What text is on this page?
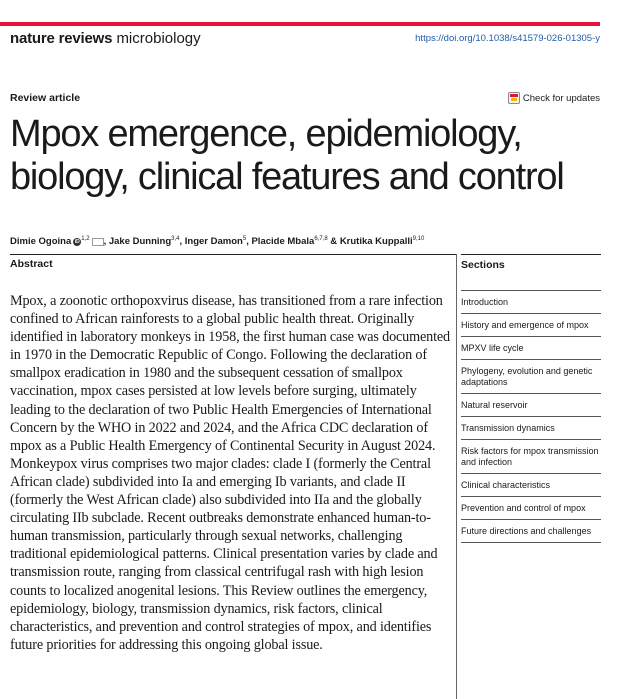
nature reviews microbiology	https://doi.org/10.1038/s41579-026-01305-y
Review article	Check for updates
Mpox emergence, epidemiology,
biology, clinical features and control
Dimie Ogoina iD $^{1,2}$ , Jake Dunning$^{3,4}$, Inger Damon$^5$, Placide Mbala$^{6,7,8}$ & Krutika Kuppalli$^{9,10}$
Abstract

Mpox, a zoonotic orthopoxvirus disease, has transitioned from a rare infection confined to African rainforests to a global public health threat. Originally identified in laboratory monkeys in 1958, the first human case was documented in 1970 in the Democratic Republic of Congo. Following the declaration of smallpox eradication in 1980 and the subsequent cessation of smallpox vaccination, mpox cases persisted at low levels before surging, ultimately leading to the declaration of two Public Health Emergencies of International Concern by the WHO in 2022 and 2024, and the Africa CDC declaration of mpox as a Public Health Emergency of Continental Security in August 2024. Monkeypox virus comprises two major clades: clade I (formerly the Central African clade) subdivided into Ia and emerging Ib variants, and clade II (formerly the West African clade) also subdivided into IIa and the globally circulating IIb subclade. Recent outbreaks demonstrate enhanced human-to-human transmission, particularly through sexual networks, challenging traditional epidemiological patterns. Clinical presentation varies by clade and transmission route, ranging from classical centrifugal rash with high lesion counts to localized anogenital lesions. This Review outlines the emergency, epidemiology, biology, transmission dynamics, risk factors, clinical characteristics, and prevention and control strategies of mpox, and identifies future priorities for addressing this ongoing global issue.

Sections
Introduction
History and emergence of mpox
MPXV life cycle
Phylogeny, evolution and genetic adaptations
Natural reservoir
Transmission dynamics
Risk factors for mpox transmission and infection
Clinical characteristics
Prevention and control of mpox
Future directions and challenges
